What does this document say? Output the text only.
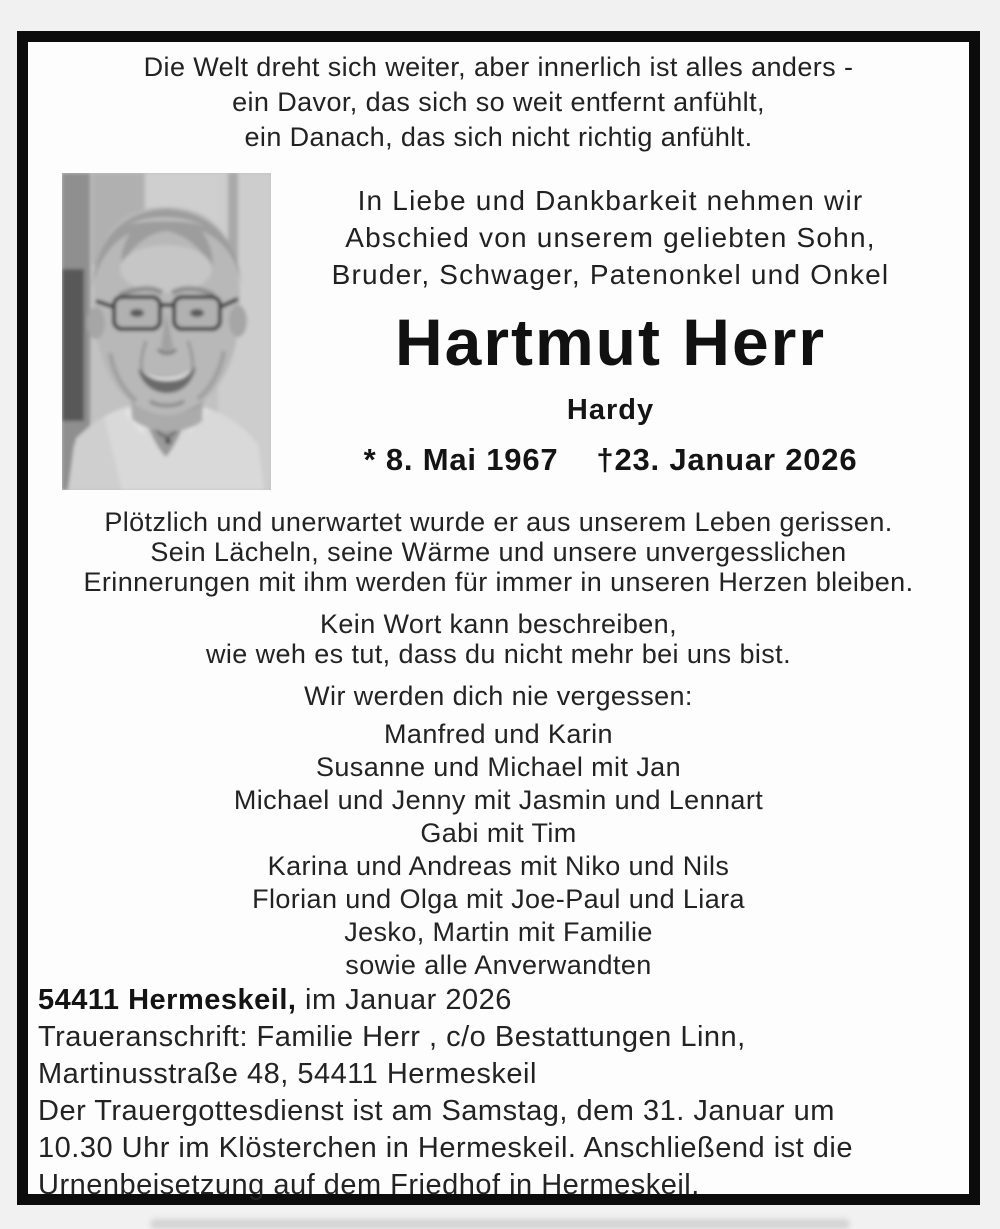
Die Welt dreht sich weiter, aber innerlich ist alles anders -
ein Davor, das sich so weit entfernt anfühlt,
ein Danach, das sich nicht richtig anfühlt.
In Liebe und Dankbarkeit nehmen wir
Abschied von unserem geliebten Sohn,
Bruder, Schwager, Patenonkel und Onkel
Hartmut Herr
Hardy
* 8. Mai 1967 †23. Januar 2026
Plötzlich und unerwartet wurde er aus unserem Leben gerissen.
Sein Lächeln, seine Wärme und unsere unvergesslichen
Erinnerungen mit ihm werden für immer in unseren Herzen bleiben.
Kein Wort kann beschreiben,
wie weh es tut, dass du nicht mehr bei uns bist.
Wir werden dich nie vergessen:
Manfred und Karin
Susanne und Michael mit Jan
Michael und Jenny mit Jasmin und Lennart
Gabi mit Tim
Karina und Andreas mit Niko und Nils
Florian und Olga mit Joe-Paul und Liara
Jesko, Martin mit Familie
sowie alle Anverwandten
54411 Hermeskeil, im Januar 2026
Traueranschrift: Familie Herr , c/o Bestattungen Linn,
Martinusstraße 48, 54411 Hermeskeil
Der Trauergottesdienst ist am Samstag, dem 31. Januar um
10.30 Uhr im Klösterchen in Hermeskeil. Anschließend ist die
Urnenbeisetzung auf dem Friedhof in Hermeskeil.
